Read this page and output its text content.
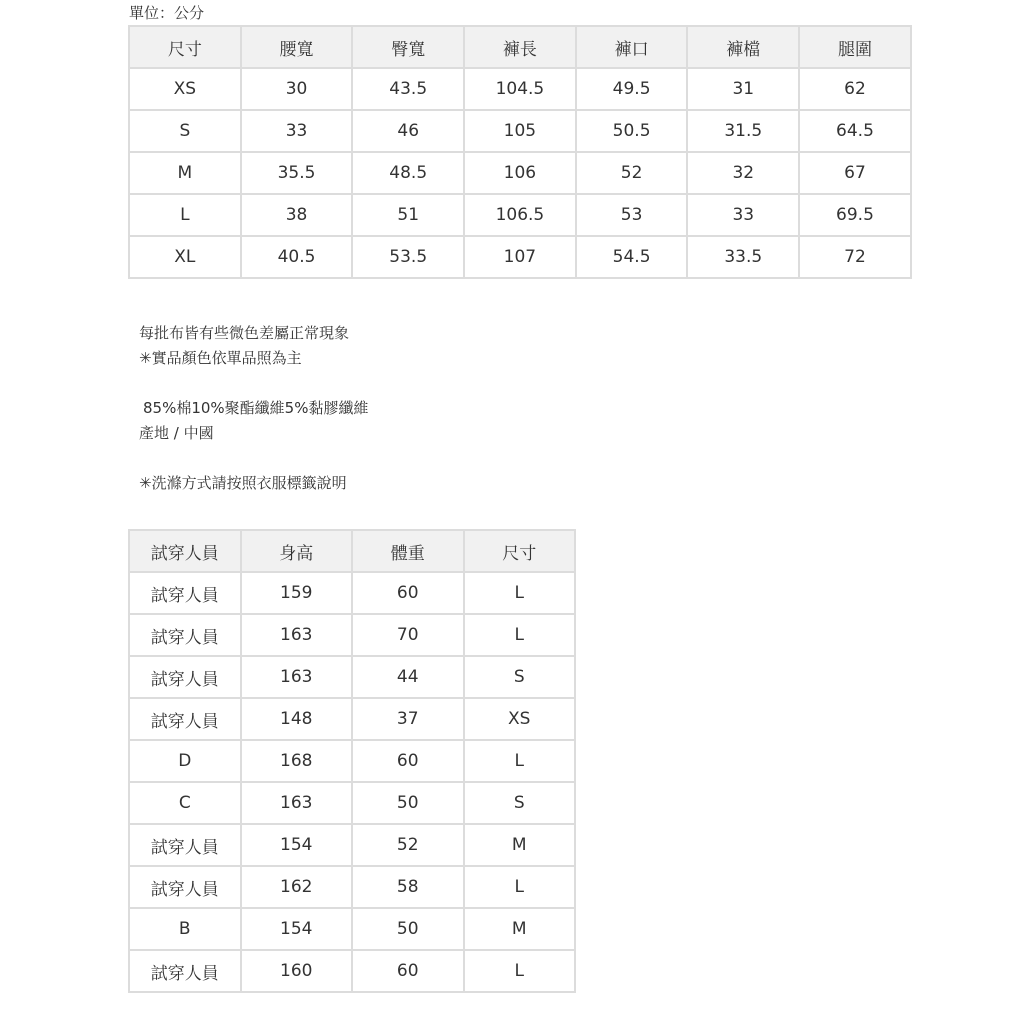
單位：公分
尺寸	腰寬	臀寬	褲長	褲口	褲檔	腿圍
XS	30	43.5	104.5	49.5	31	62
S	33	46	105	50.5	31.5	64.5
M	35.5	48.5	106	52	32	67
L	38	51	106.5	53	33	69.5
XL	40.5	53.5	107	54.5	33.5	72
每批布皆有些微色差屬正常現象
✳︎實品顏色依單品照為主
85%棉10%聚酯纖維5%黏膠纖維
產地 / 中國
✳︎洗滌方式請按照衣服標籤說明
試穿人員	身高	體重	尺寸
試穿人員	159	60	L
試穿人員	163	70	L
試穿人員	163	44	S
試穿人員	148	37	XS
D	168	60	L
C	163	50	S
試穿人員	154	52	M
試穿人員	162	58	L
B	154	50	M
試穿人員	160	60	L
